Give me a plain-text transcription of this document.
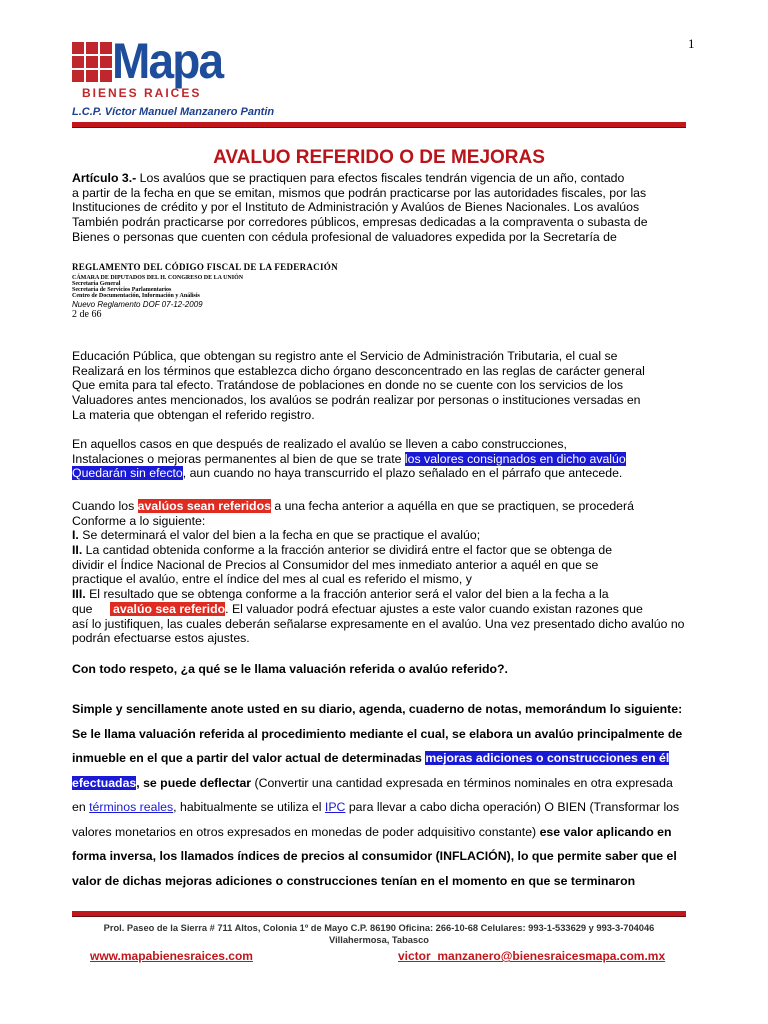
1
Mapa
BIENES RAICES
L.C.P. Víctor Manuel Manzanero Pantin
AVALUO REFERIDO O DE MEJORAS
Artículo 3.- Los avalúos que se practiquen para efectos fiscales tendrán vigencia de un año, contado
a partir de la fecha en que se emitan, mismos que podrán practicarse por las autoridades fiscales, por las
Instituciones de crédito y por el Instituto de Administración y Avalúos de Bienes Nacionales. Los avalúos
También podrán practicarse por corredores públicos, empresas dedicadas a la compraventa o subasta de
Bienes o personas que cuenten con cédula profesional de valuadores expedida por la Secretaría de
REGLAMENTO DEL CÓDIGO FISCAL DE LA FEDERACIÓN
CÁMARA DE DIPUTADOS DEL H. CONGRESO DE LA UNIÓN
Secretaría General
Secretaría de Servicios Parlamentarios
Centro de Documentación, Información y Análisis
Nuevo Reglamento DOF 07-12-2009
2 de 66
Educación Pública, que obtengan su registro ante el Servicio de Administración Tributaria, el cual se
Realizará en los términos que establezca dicho órgano desconcentrado en las reglas de carácter general
Que emita para tal efecto. Tratándose de poblaciones en donde no se cuente con los servicios de los
Valuadores antes mencionados, los avalúos se podrán realizar por personas o instituciones versadas en
La materia que obtengan el referido registro.
En aquellos casos en que después de realizado el avalúo se lleven a cabo construcciones,
Instalaciones o mejoras permanentes al bien de que se trate los valores consignados en dicho avalúo
Quedarán sin efecto, aun cuando no haya transcurrido el plazo señalado en el párrafo que antecede.
Cuando los avalúos sean referidos a una fecha anterior a aquélla en que se practiquen, se procederá
Conforme a lo siguiente:
I. Se determinará el valor del bien a la fecha en que se practique el avalúo;
II. La cantidad obtenida conforme a la fracción anterior se dividirá entre el factor que se obtenga de
dividir el Índice Nacional de Precios al Consumidor del mes inmediato anterior a aquél en que se
practique el avalúo, entre el índice del mes al cual es referido el mismo, y
III. El resultado que se obtenga conforme a la fracción anterior será el valor del bien a la fecha a la
que      avalúo sea referido. El valuador podrá efectuar ajustes a este valor cuando existan razones que
así lo justifiquen, las cuales deberán señalarse expresamente en el avalúo. Una vez presentado dicho avalúo no
podrán efectuarse estos ajustes.
Con todo respeto, ¿a qué se le llama valuación referida o avalúo referido?.
Simple y sencillamente anote usted en su diario, agenda, cuaderno de notas, memorándum lo siguiente:
Se le llama valuación referida al procedimiento mediante el cual, se elabora un avalúo principalmente de
inmueble en el que a partir del valor actual de determinadas mejoras adiciones o construcciones en él
efectuadas, se puede deflectar (Convertir una cantidad expresada en términos nominales en otra expresada
en términos reales, habitualmente se utiliza el IPC para llevar a cabo dicha operación) O BIEN (Transformar los
valores monetarios en otros expresados en monedas de poder adquisitivo constante) ese valor aplicando en
forma inversa, los llamados índices de precios al consumidor (INFLACIÓN), lo que permite saber que el
valor de dichas mejoras adiciones o construcciones tenían en el momento en que se terminaron
Prol. Paseo de la Sierra # 711 Altos, Colonia 1º de Mayo C.P. 86190 Oficina: 266-10-68 Celulares: 993-1-533629 y 993-3-704046
Villahermosa, Tabasco
www.mapabienesraices.com	victor_manzanero@bienesraicesmapa.com.mx
